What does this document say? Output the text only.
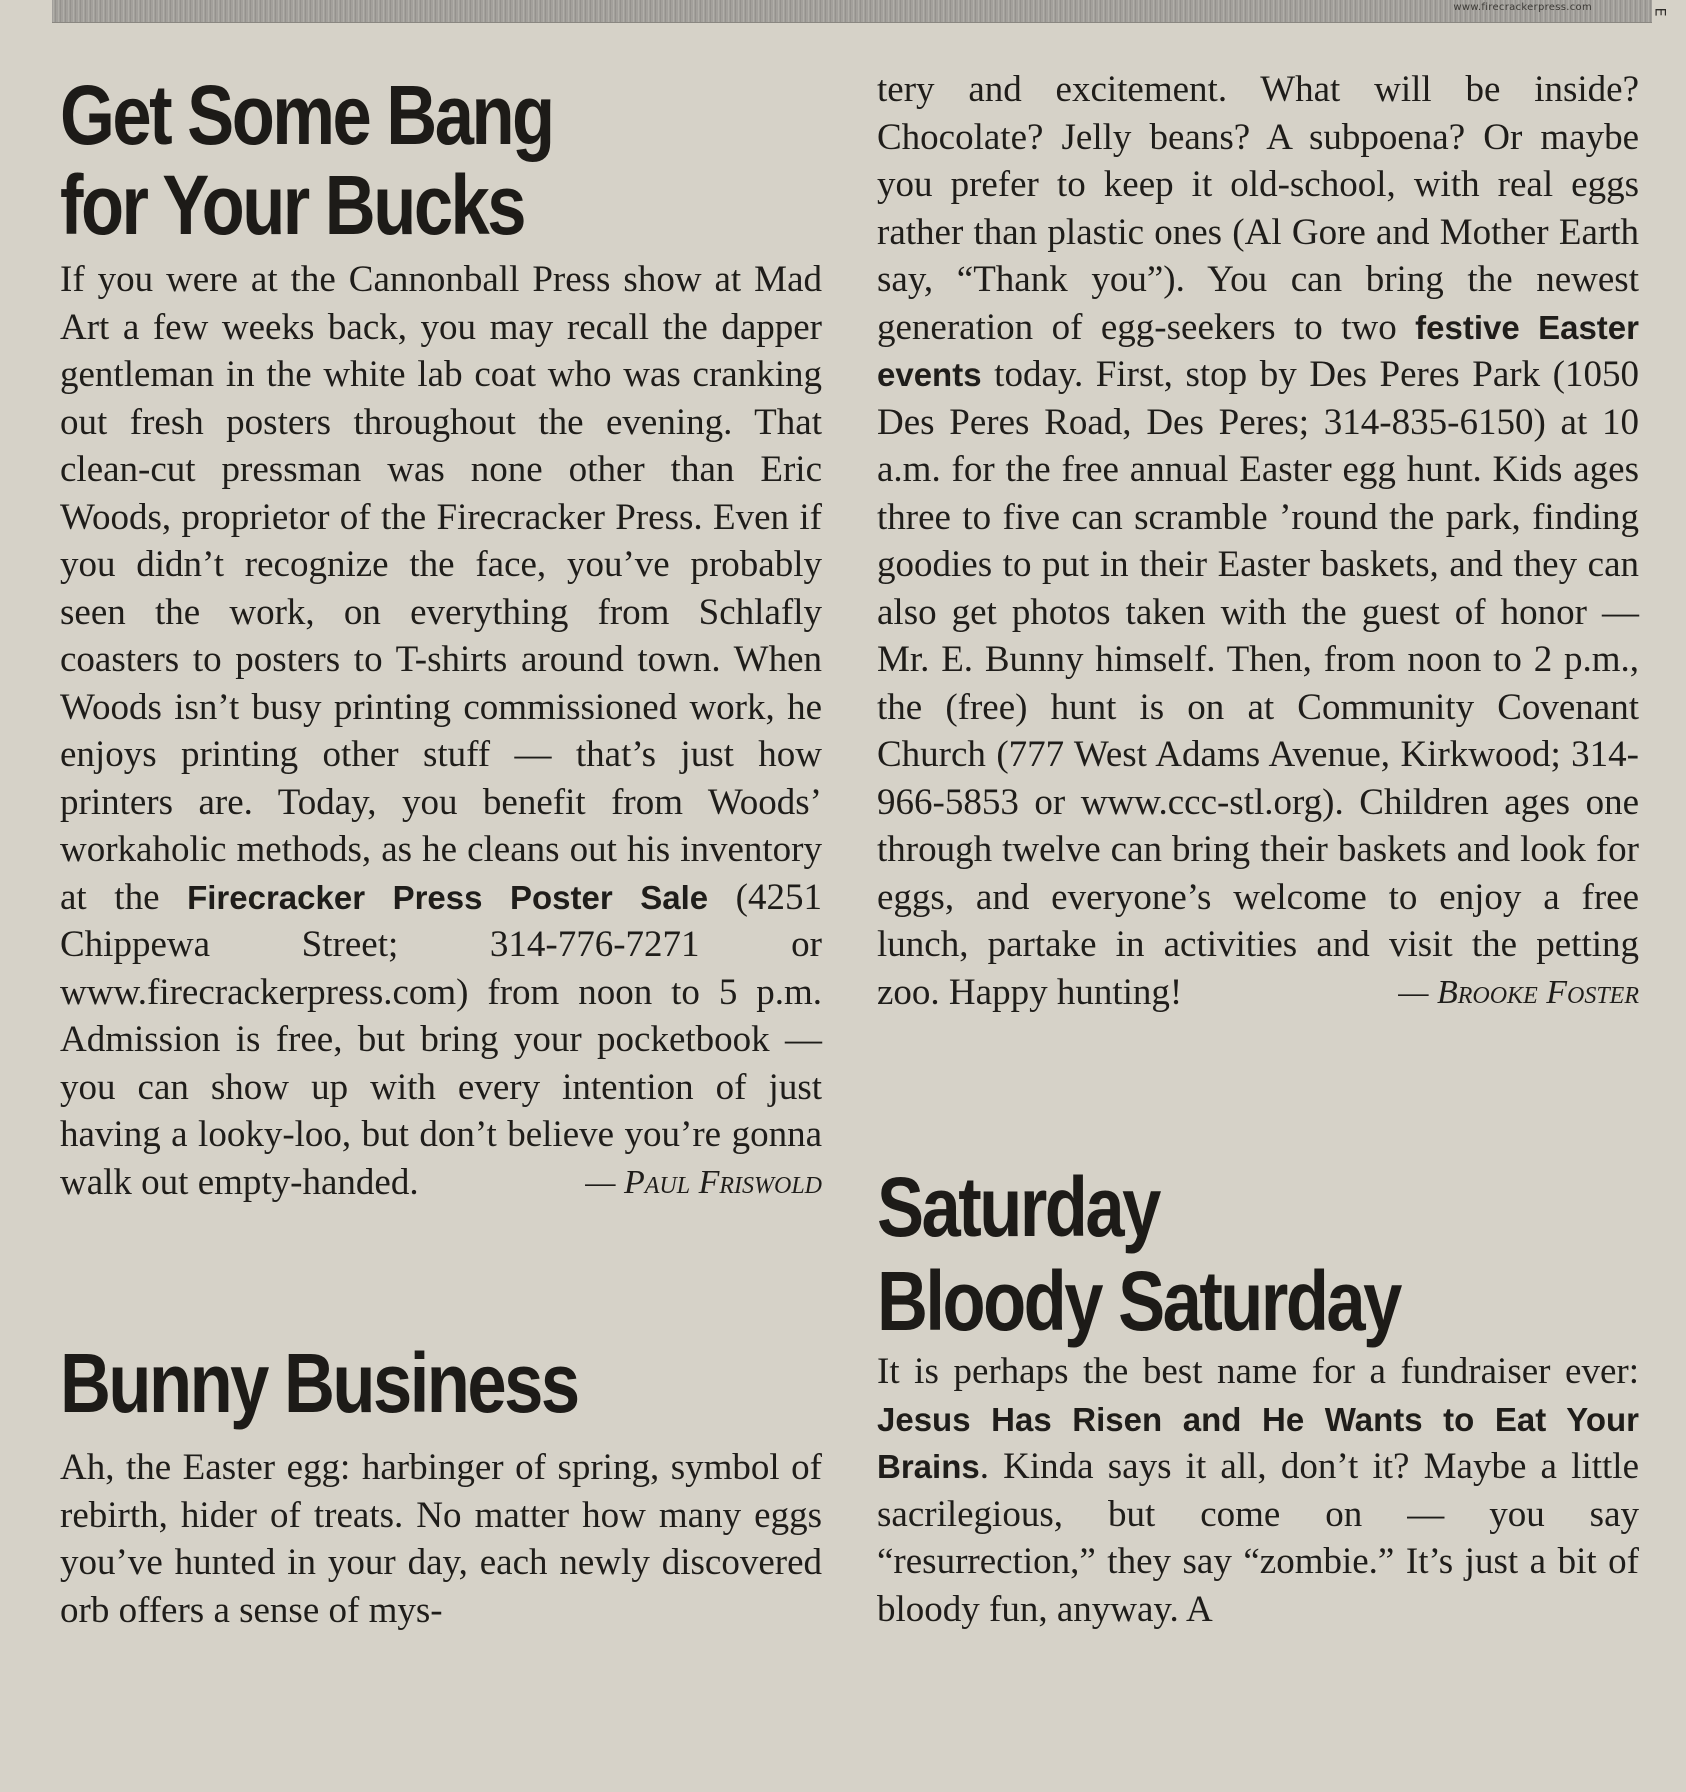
www.firecrackerpress.com	E
Get Some Bang
for Your Bucks

If you were at the Cannonball Press show at Mad Art a few weeks back, you may recall the dapper gentleman in the white lab coat who was cranking out fresh posters throughout the evening. That clean-cut pressman was none other than Eric Woods, proprietor of the Firecracker Press. Even if you didn’t recognize the face, you’ve probably seen the work, on everything from Schlafly coasters to posters to T-shirts around town. When Woods isn’t busy printing commissioned work, he enjoys printing other stuff — that’s just how printers are. Today, you benefit from Woods’ workaholic methods, as he cleans out his inventory at the Firecracker Press Poster Sale (4251 Chippewa Street; 314-776-7271 or www.firecrackerpress.com) from noon to 5 p.m. Admission is free, but bring your pocketbook — you can show up with every intention of just having a looky-loo, but don’t believe you’re gonna walk out empty-handed.	— Paul Friswold

Bunny Business

Ah, the Easter egg: harbinger of spring, symbol of rebirth, hider of treats. No matter how many eggs you’ve hunted in your day, each newly discovered orb offers a sense of mys-

tery and excitement. What will be inside? Chocolate? Jelly beans? A subpoena? Or maybe you prefer to keep it old-school, with real eggs rather than plastic ones (Al Gore and Mother Earth say, “Thank you”). You can bring the newest generation of egg-seekers to two festive Easter events today. First, stop by Des Peres Park (1050 Des Peres Road, Des Peres; 314-835-6150) at 10 a.m. for the free annual Easter egg hunt. Kids ages three to five can scramble ’round the park, finding goodies to put in their Easter baskets, and they can also get photos taken with the guest of honor — Mr. E. Bunny himself. Then, from noon to 2 p.m., the (free) hunt is on at Community Covenant Church (777 West Adams Avenue, Kirkwood; 314-966-5853 or www.ccc-stl.org). Children ages one through twelve can bring their baskets and look for eggs, and everyone’s welcome to enjoy a free lunch, partake in activities and visit the petting zoo. Happy hunting!	— Brooke Foster

Saturday
Bloody Saturday

It is perhaps the best name for a fundraiser ever: Jesus Has Risen and He Wants to Eat Your Brains. Kinda says it all, don’t it? Maybe a little sacrilegious, but come on — you say “resurrection,” they say “zombie.” It’s just a bit of bloody fun, anyway. A
